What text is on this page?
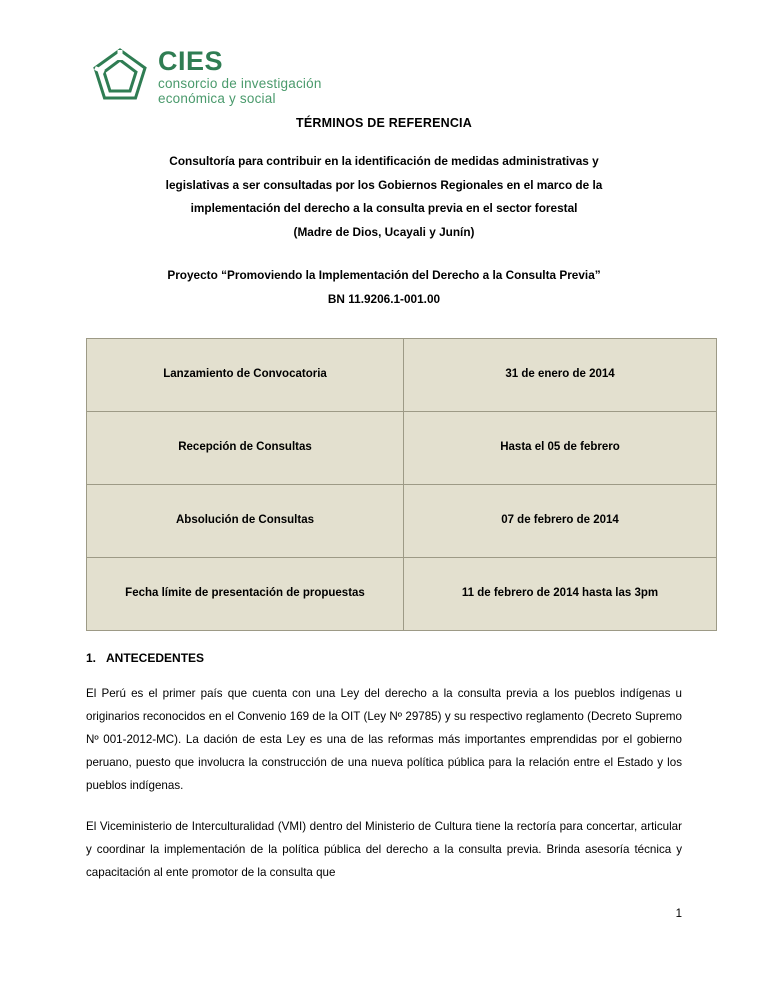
CIES
consorcio de investigación
económica y social
TÉRMINOS DE REFERENCIA
Consultoría para contribuir en la identificación de medidas administrativas y
legislativas a ser consultadas por los Gobiernos Regionales en el marco de la
implementación del derecho a la consulta previa en el sector forestal
(Madre de Dios, Ucayali y Junín)
Proyecto “Promoviendo la Implementación del Derecho a la Consulta Previa”
BN 11.9206.1-001.00
Lanzamiento de Convocatoria	31 de enero de 2014
Recepción de Consultas	Hasta el 05 de febrero
Absolución de Consultas	07 de febrero de 2014
Fecha límite de presentación de propuestas	11 de febrero de 2014 hasta las 3pm
1. ANTECEDENTES

El Perú es el primer país que cuenta con una Ley del derecho a la consulta previa a los pueblos indígenas u originarios reconocidos en el Convenio 169 de la OIT (Ley Nº 29785) y su respectivo reglamento (Decreto Supremo Nº 001-2012-MC). La dación de esta Ley es una de las reformas más importantes emprendidas por el gobierno peruano, puesto que involucra la construcción de una nueva política pública para la relación entre el Estado y los pueblos indígenas.

El Viceministerio de Interculturalidad (VMI) dentro del Ministerio de Cultura tiene la rectoría para concertar, articular y coordinar la implementación de la política pública del derecho a la consulta previa. Brinda asesoría técnica y capacitación al ente promotor de la consulta que

1
